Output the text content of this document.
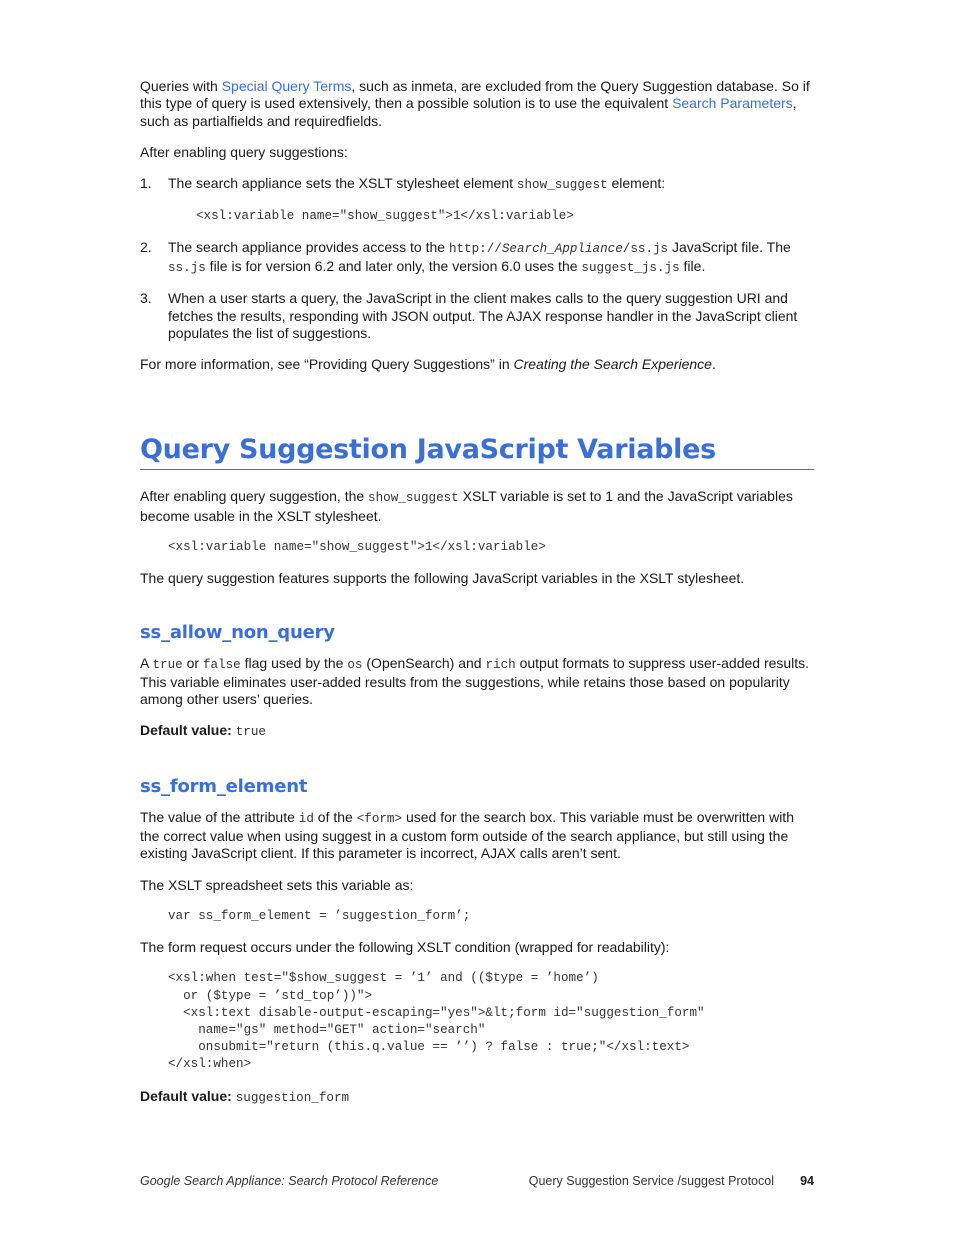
Queries with Special Query Terms, such as inmeta, are excluded from the Query Suggestion database. So if this type of query is used extensively, then a possible solution is to use the equivalent Search Parameters, such as partialfields and requiredfields.

After enabling query suggestions:

1. The search appliance sets the XSLT stylesheet element show_suggest element:
<xsl:variable name="show_suggest">1</xsl:variable>
2. The search appliance provides access to the http://Search_Appliance/ss.js JavaScript file. The ss.js file is for version 6.2 and later only, the version 6.0 uses the suggest_js.js file.
3. When a user starts a query, the JavaScript in the client makes calls to the query suggestion URI and fetches the results, responding with JSON output. The AJAX response handler in the JavaScript client populates the list of suggestions.

For more information, see “Providing Query Suggestions” in Creating the Search Experience.

Query Suggestion JavaScript Variables

After enabling query suggestion, the show_suggest XSLT variable is set to 1 and the JavaScript variables become usable in the XSLT stylesheet.

<xsl:variable name="show_suggest">1</xsl:variable>

The query suggestion features supports the following JavaScript variables in the XSLT stylesheet.

ss_allow_non_query

A true or false flag used by the os (OpenSearch) and rich output formats to suppress user-added results. This variable eliminates user-added results from the suggestions, while retains those based on popularity among other users’ queries.

Default value: true

ss_form_element

The value of the attribute id of the <form> used for the search box. This variable must be overwritten with the correct value when using suggest in a custom form outside of the search appliance, but still using the existing JavaScript client. If this parameter is incorrect, AJAX calls aren’t sent.

The XSLT spreadsheet sets this variable as:

var ss_form_element = ’suggestion_form’;

The form request occurs under the following XSLT condition (wrapped for readability):

<xsl:when test="$show_suggest = ’1’ and (($type = ’home’)
or ($type = ’std_top’))">
<xsl:text disable-output-escaping="yes">&lt;form id="suggestion_form"
name="gs" method="GET" action="search"
onsubmit="return (this.q.value == ’’) ? false : true;"</xsl:text>
</xsl:when>

Default value: suggestion_form

Google Search Appliance: Search Protocol Reference	Query Suggestion Service /suggest Protocol 94
